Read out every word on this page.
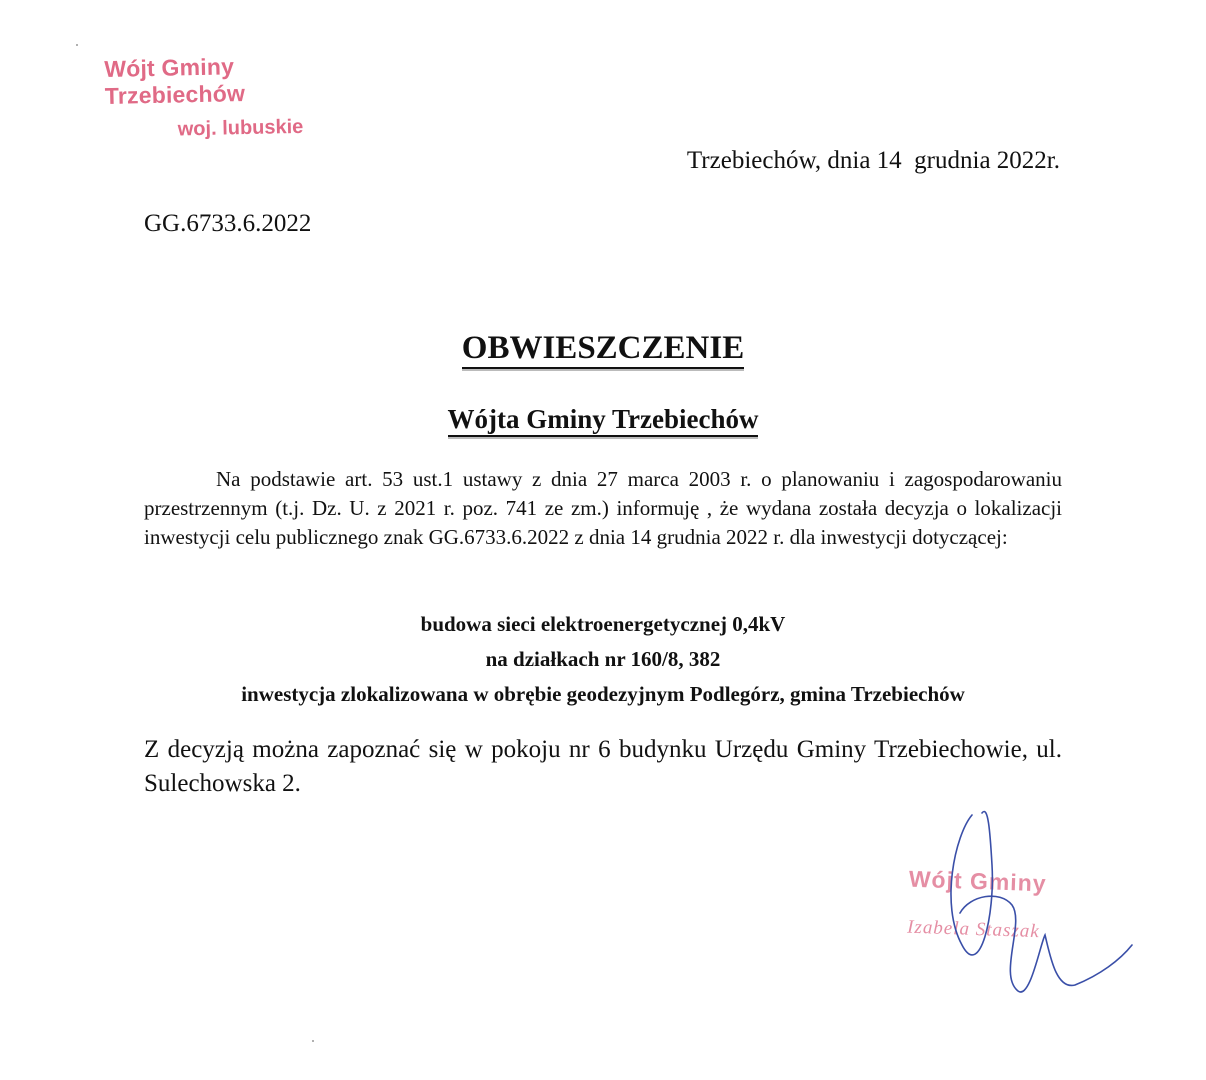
Wójt Gminy Trzebiechów
woj. lubuskie
Trzebiechów, dnia 14  grudnia 2022r.
GG.6733.6.2022
OBWIESZCZENIE
Wójta Gminy Trzebiechów

Na podstawie art. 53 ust.1 ustawy z dnia 27 marca 2003 r. o planowaniu i zagospodarowaniu przestrzennym (t.j. Dz. U. z 2021 r. poz. 741 ze zm.) informuję , że wydana została decyzja o lokalizacji inwestycji celu publicznego znak GG.6733.6.2022 z dnia 14 grudnia 2022 r. dla inwestycji dotyczącej:

budowa sieci elektroenergetycznej 0,4kV
na działkach nr 160/8, 382
inwestycja zlokalizowana w obrębie geodezyjnym Podlegórz, gmina Trzebiechów

Z decyzją można zapoznać się w pokoju nr 6 budynku Urzędu Gminy Trzebiechowie, ul. Sulechowska 2.

Wójt Gminy
Izabela Staszak
